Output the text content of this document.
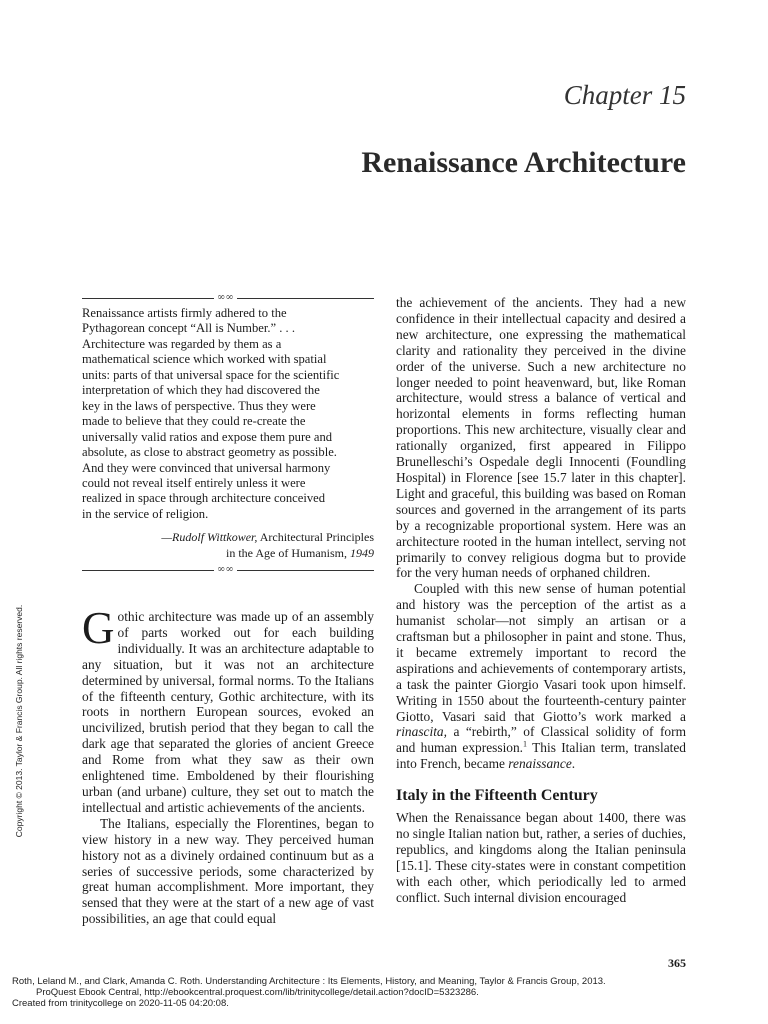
Chapter 15
Renaissance Architecture
∞∞

Renaissance artists firmly adhered to the

Pythagorean concept “All is Number.” . . .

Architecture was regarded by them as a

mathematical science which worked with spatial

units: parts of that universal space for the scientific

interpretation of which they had discovered the

key in the laws of perspective. Thus they were

made to believe that they could re-create the

universally valid ratios and expose them pure and

absolute, as close to abstract geometry as possible.

And they were convinced that universal harmony

could not reveal itself entirely unless it were

realized in space through architecture conceived

in the service of religion.

—Rudolf Wittkower, Architectural Principles
in the Age of Humanism, 1949
∞∞

Gothic architecture was made up of an assembly of parts worked out for each building individually. It was an architecture adaptable to any situation, but it was not an architecture determined by universal, formal norms. To the Italians of the fifteenth century, Gothic architecture, with its roots in northern European sources, evoked an uncivilized, brutish period that they began to call the dark age that separated the glories of ancient Greece and Rome from what they saw as their own enlightened time. Emboldened by their flourishing urban (and urbane) culture, they set out to match the intellectual and artistic achievements of the ancients.

The Italians, especially the Florentines, began to view history in a new way. They perceived human history not as a divinely ordained continuum but as a series of successive periods, some characterized by great human accomplishment. More important, they sensed that they were at the start of a new age of vast possibilities, an age that could equal

the achievement of the ancients. They had a new confidence in their intellectual capacity and desired a new architecture, one expressing the mathematical clarity and rationality they perceived in the divine order of the universe. Such a new architecture no longer needed to point heavenward, but, like Roman architecture, would stress a balance of vertical and horizontal elements in forms reflecting human proportions. This new architecture, visually clear and rationally organized, first appeared in Filippo Brunelleschi’s Ospedale degli Innocenti (Foundling Hospital) in Florence [see 15.7 later in this chapter]. Light and graceful, this building was based on Roman sources and governed in the arrangement of its parts by a recognizable proportional system. Here was an architecture rooted in the human intellect, serving not primarily to convey religious dogma but to provide for the very human needs of orphaned children.

Coupled with this new sense of human potential and history was the perception of the artist as a humanist scholar—not simply an artisan or a craftsman but a philosopher in paint and stone. Thus, it became extremely important to record the aspirations and achievements of contemporary artists, a task the painter Giorgio Vasari took upon himself. Writing in 1550 about the fourteenth-century painter Giotto, Vasari said that Giotto’s work marked a rinascita, a “rebirth,” of Classical solidity of form and human expression.$^1$ This Italian term, translated into French, became renaissance.

Italy in the Fifteenth Century

When the Renaissance began about 1400, there was no single Italian nation but, rather, a series of duchies, republics, and kingdoms along the Italian peninsula [15.1]. These city-states were in constant competition with each other, which periodically led to armed conflict. Such internal division encouraged

365
Copyright © 2013. Taylor & Francis Group. All rights reserved.
Roth, Leland M., and Clark, Amanda C. Roth. Understanding Architecture : Its Elements, History, and Meaning, Taylor & Francis Group, 2013.
ProQuest Ebook Central, http://ebookcentral.proquest.com/lib/trinitycollege/detail.action?docID=5323286.
Created from trinitycollege on 2020-11-05 04:20:08.
